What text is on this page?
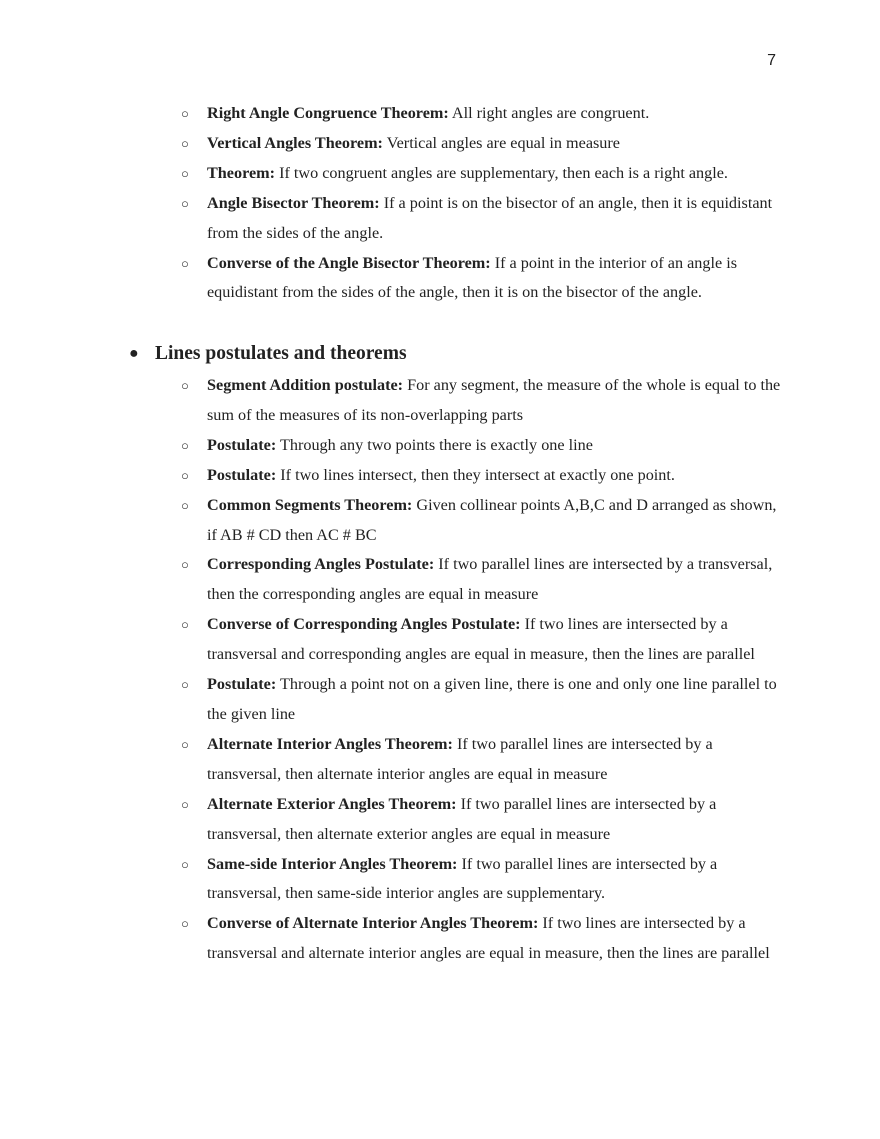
7
○ Right Angle Congruence Theorem: All right angles are congruent.
○ Vertical Angles Theorem: Vertical angles are equal in measure
○ Theorem: If two congruent angles are supplementary, then each is a right angle.
○ Angle Bisector Theorem: If a point is on the bisector of an angle, then it is equidistant from the sides of the angle.
○ Converse of the Angle Bisector Theorem: If a point in the interior of an angle is equidistant from the sides of the angle, then it is on the bisector of the angle.
● Lines postulates and theorems
○ Segment Addition postulate: For any segment, the measure of the whole is equal to the sum of the measures of its non-overlapping parts
○ Postulate: Through any two points there is exactly one line
○ Postulate: If two lines intersect, then they intersect at exactly one point.
○ Common Segments Theorem: Given collinear points A,B,C and D arranged as shown, if AB # CD then AC # BC
○ Corresponding Angles Postulate: If two parallel lines are intersected by a transversal, then the corresponding angles are equal in measure
○ Converse of Corresponding Angles Postulate: If two lines are intersected by a transversal and corresponding angles are equal in measure, then the lines are parallel
○ Postulate: Through a point not on a given line, there is one and only one line parallel to the given line
○ Alternate Interior Angles Theorem: If two parallel lines are intersected by a transversal, then alternate interior angles are equal in measure
○ Alternate Exterior Angles Theorem: If two parallel lines are intersected by a transversal, then alternate exterior angles are equal in measure
○ Same-side Interior Angles Theorem: If two parallel lines are intersected by a transversal, then same-side interior angles are supplementary.
○ Converse of Alternate Interior Angles Theorem: If two lines are intersected by a transversal and alternate interior angles are equal in measure, then the lines are parallel
